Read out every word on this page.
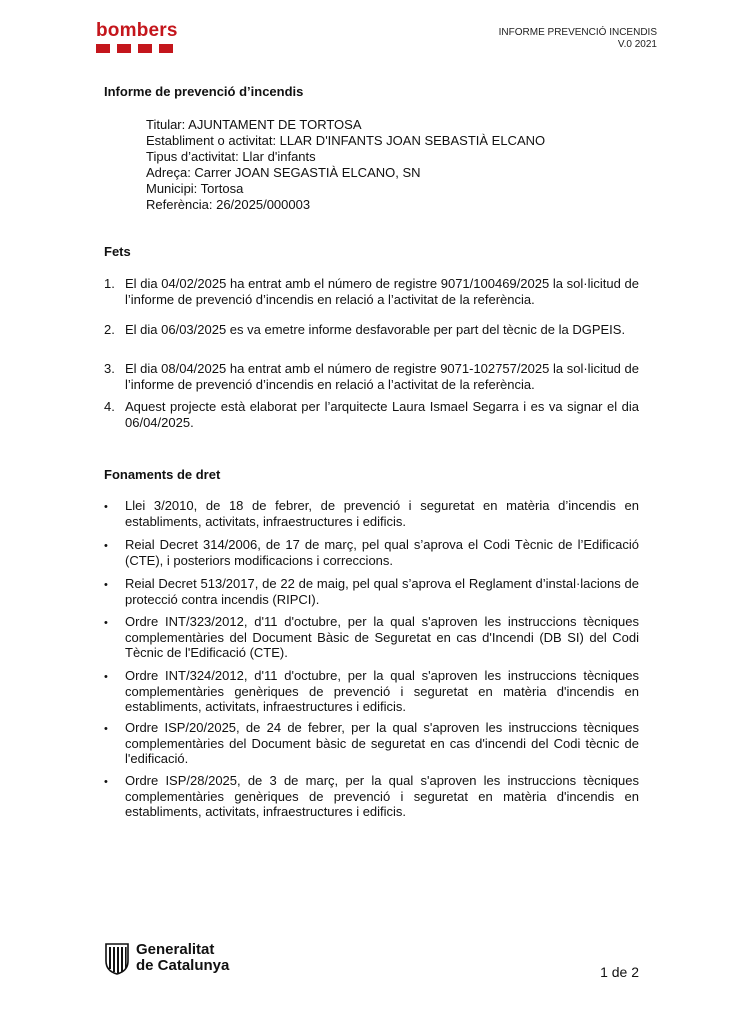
bombers	INFORME PREVENCIÓ INCENDIS
V.0 2021
Informe de prevenció d’incendis
Titular: AJUNTAMENT DE TORTOSA
Establiment o activitat: LLAR D'INFANTS JOAN SEBASTIÀ ELCANO
Tipus d’activitat: Llar d'infants
Adreça: Carrer JOAN SEGASTIÀ ELCANO, SN
Municipi: Tortosa
Referència: 26/2025/000003
Fets
1. El dia 04/02/2025 ha entrat amb el número de registre 9071/100469/2025 la sol·licitud de l’informe de prevenció d’incendis en relació a l’activitat de la referència.
2. El dia 06/03/2025 es va emetre informe desfavorable per part del tècnic de la DGPEIS.
3. El dia 08/04/2025 ha entrat amb el número de registre 9071-102757/2025 la sol·licitud de l’informe de prevenció d’incendis en relació a l’activitat de la referència.
4. Aquest projecte està elaborat per l’arquitecte Laura Ismael Segarra i es va signar el dia 06/04/2025.
Fonaments de dret
• Llei 3/2010, de 18 de febrer, de prevenció i seguretat en matèria d’incendis en establiments, activitats, infraestructures i edificis.
• Reial Decret 314/2006, de 17 de març, pel qual s’aprova el Codi Tècnic de l’Edificació (CTE), i posteriors modificacions i correccions.
• Reial Decret 513/2017, de 22 de maig, pel qual s’aprova el Reglament d’instal·lacions de protecció contra incendis (RIPCI).
• Ordre INT/323/2012, d'11 d'octubre, per la qual s'aproven les instruccions tècniques complementàries del Document Bàsic de Seguretat en cas d'Incendi (DB SI) del Codi Tècnic de l'Edificació (CTE).
• Ordre INT/324/2012, d'11 d'octubre, per la qual s'aproven les instruccions tècniques complementàries genèriques de prevenció i seguretat en matèria d'incendis en establiments, activitats, infraestructures i edificis.
• Ordre ISP/20/2025, de 24 de febrer, per la qual s'aproven les instruccions tècniques complementàries del Document bàsic de seguretat en cas d'incendi del Codi tècnic de l'edificació.
• Ordre ISP/28/2025, de 3 de març, per la qual s'aproven les instruccions tècniques complementàries genèriques de prevenció i seguretat en matèria d'incendis en establiments, activitats, infraestructures i edificis.
Generalitat
de Catalunya	1 de 2
